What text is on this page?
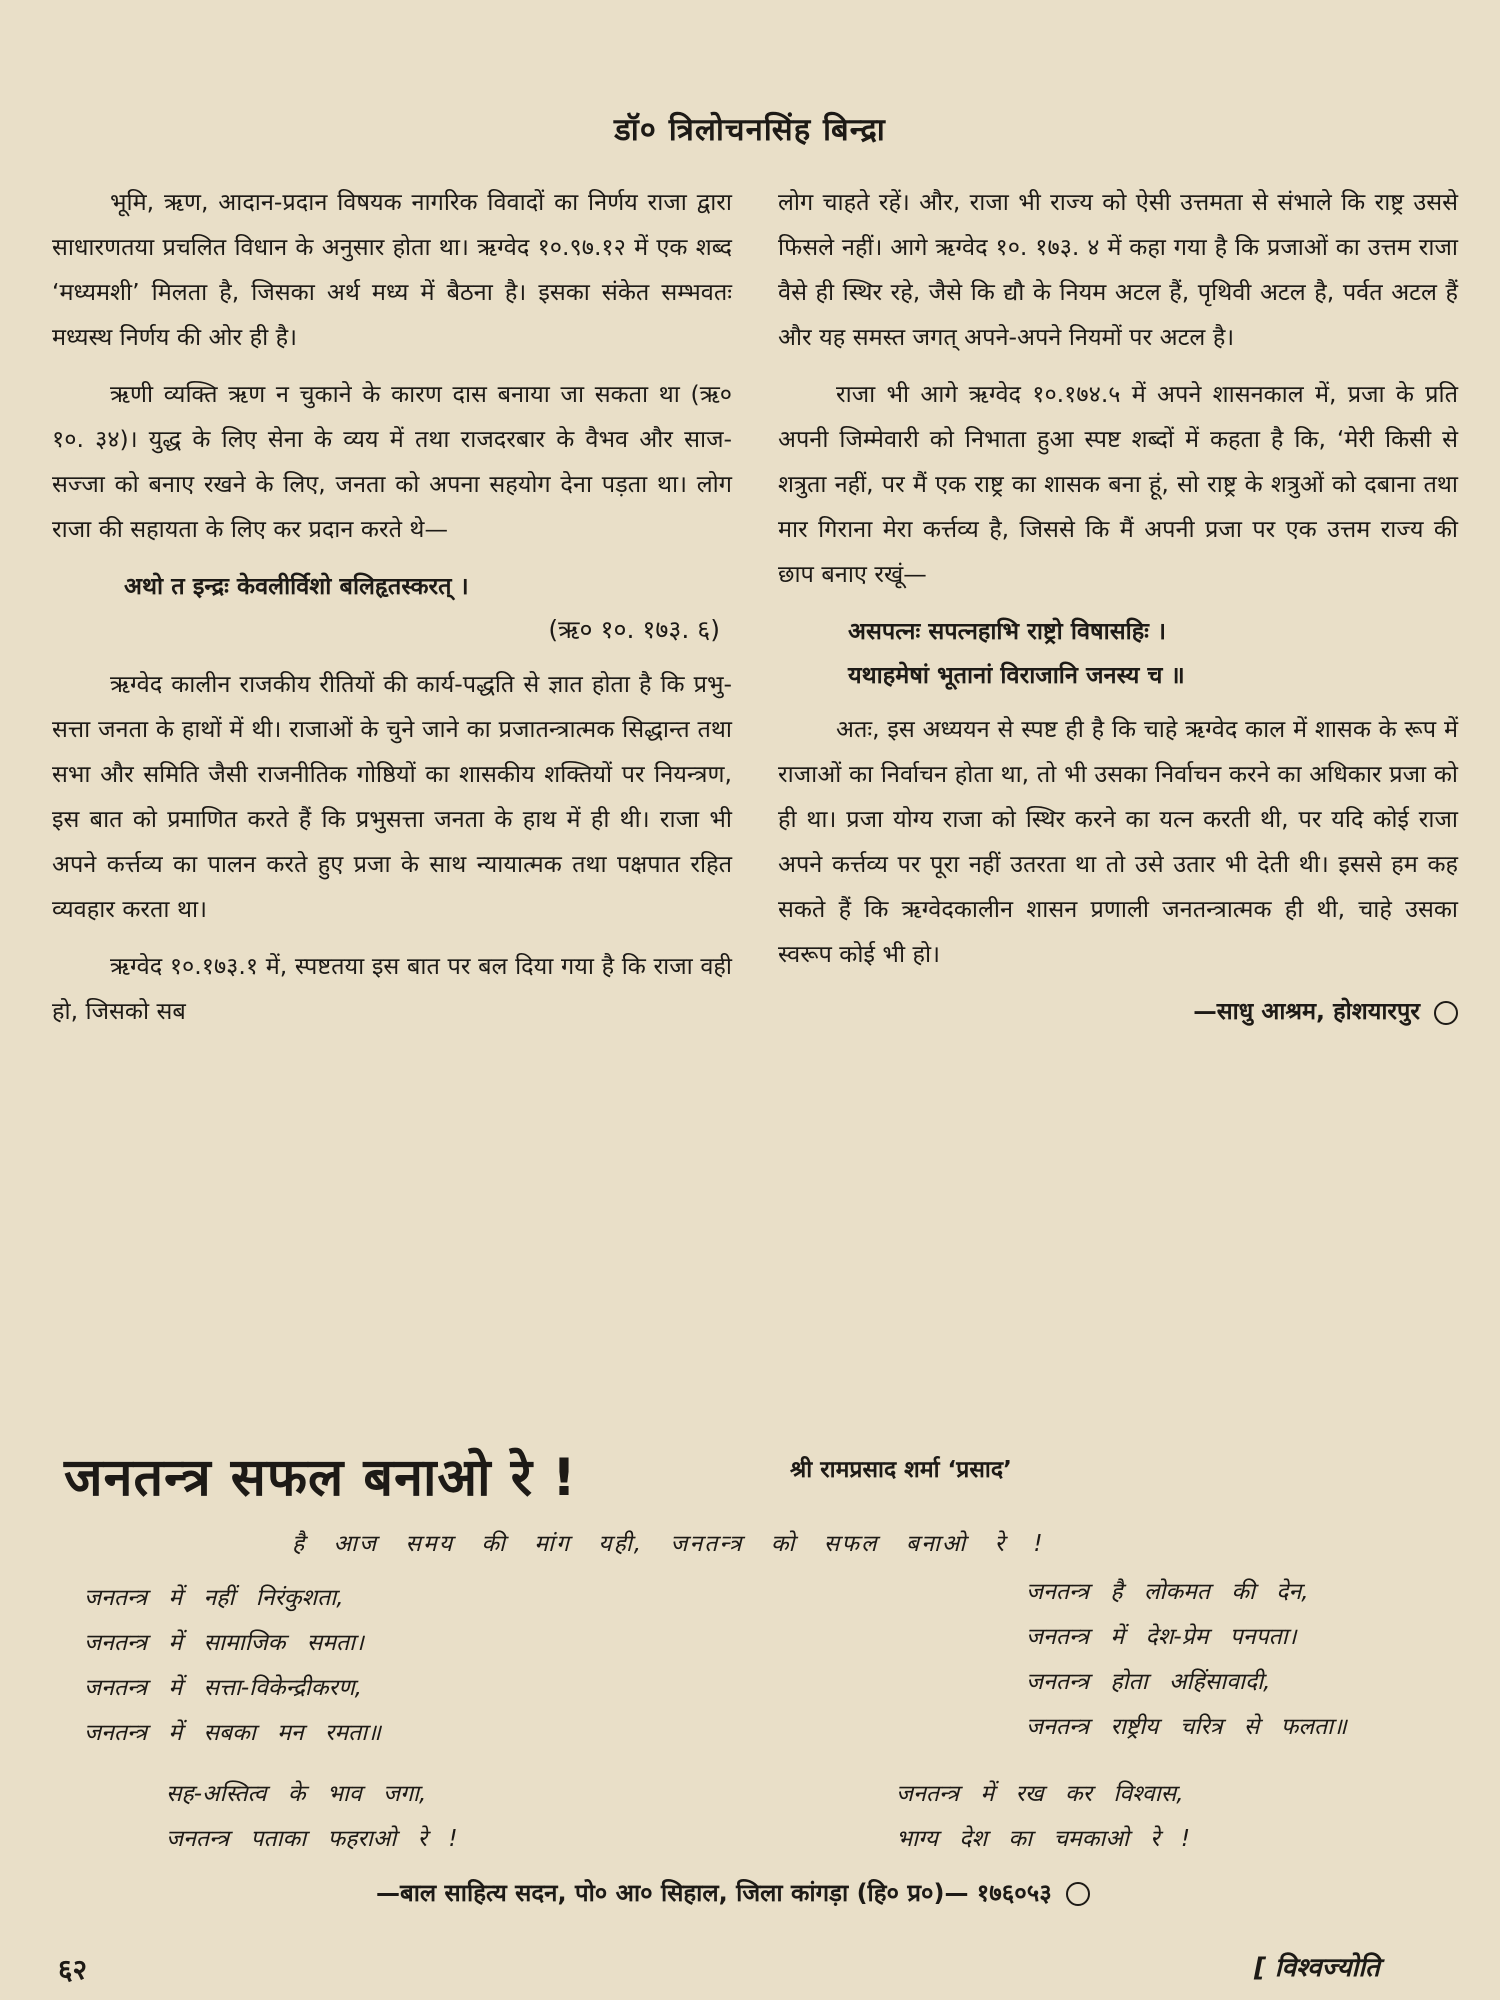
डॉ० त्रिलोचनसिंह बिन्द्रा

भूमि, ऋण, आदान-प्रदान विषयक नागरिक विवादों का निर्णय राजा द्वारा साधारणतया प्रचलित विधान के अनुसार होता था। ऋग्वेद १०.९७.१२ में एक शब्द ‘मध्यमशी’ मिलता है, जिसका अर्थ मध्य में बैठना है। इसका संकेत सम्भवतः मध्यस्थ निर्णय की ओर ही है।

ऋणी व्यक्ति ऋण न चुकाने के कारण दास बनाया जा सकता था (ऋ० १०. ३४)। युद्ध के लिए सेना के व्यय में तथा राजदरबार के वैभव और साज-सज्जा को बनाए रखने के लिए, जनता को अपना सहयोग देना पड़ता था। लोग राजा की सहायता के लिए कर प्रदान करते थे—

अथो त इन्द्रः केवलीर्विशो बलिहृतस्करत् ।
(ऋ० १०. १७३. ६)

ऋग्वेद कालीन राजकीय रीतियों की कार्य-पद्धति से ज्ञात होता है कि प्रभु-सत्ता जनता के हाथों में थी। राजाओं के चुने जाने का प्रजातन्त्रात्मक सिद्धान्त तथा सभा और समिति जैसी राजनीतिक गोष्ठियों का शासकीय शक्तियों पर नियन्त्रण, इस बात को प्रमाणित करते हैं कि प्रभुसत्ता जनता के हाथ में ही थी। राजा भी अपने कर्त्तव्य का पालन करते हुए प्रजा के साथ न्यायात्मक तथा पक्षपात रहित व्यवहार करता था।

ऋग्वेद १०.१७३.१ में, स्पष्टतया इस बात पर बल दिया गया है कि राजा वही हो, जिसको सब

लोग चाहते रहें। और, राजा भी राज्य को ऐसी उत्तमता से संभाले कि राष्ट्र उससे फिसले नहीं। आगे ऋग्वेद १०. १७३. ४ में कहा गया है कि प्रजाओं का उत्तम राजा वैसे ही स्थिर रहे, जैसे कि द्यौ के नियम अटल हैं, पृथिवी अटल है, पर्वत अटल हैं और यह समस्त जगत् अपने-अपने नियमों पर अटल है।

राजा भी आगे ऋग्वेद १०.१७४.५ में अपने शासनकाल में, प्रजा के प्रति अपनी जिम्मेवारी को निभाता हुआ स्पष्ट शब्दों में कहता है कि, ‘मेरी किसी से शत्रुता नहीं, पर मैं एक राष्ट्र का शासक बना हूं, सो राष्ट्र के शत्रुओं को दबाना तथा मार गिराना मेरा कर्त्तव्य है, जिससे कि मैं अपनी प्रजा पर एक उत्तम राज्य की छाप बनाए रखूं—

असपत्नः सपत्नहाभि राष्ट्रो विषासहिः ।
यथाहमेषां भूतानां विराजानि जनस्य च ॥

अतः, इस अध्ययन से स्पष्ट ही है कि चाहे ऋग्वेद काल में शासक के रूप में राजाओं का निर्वाचन होता था, तो भी उसका निर्वाचन करने का अधिकार प्रजा को ही था। प्रजा योग्य राजा को स्थिर करने का यत्न करती थी, पर यदि कोई राजा अपने कर्त्तव्य पर पूरा नहीं उतरता था तो उसे उतार भी देती थी। इससे हम कह सकते हैं कि ऋग्वेदकालीन शासन प्रणाली जनतन्त्रात्मक ही थी, चाहे उसका स्वरूप कोई भी हो।

—साधु आश्रम, होशयारपुर
जनतन्त्र सफल बनाओ रे !	श्री रामप्रसाद शर्मा ‘प्रसाद’
है आज समय की मांग यही, जनतन्त्र को सफल बनाओ रे !
जनतन्त्र में नहीं निरंकुशता,
जनतन्त्र में सामाजिक समता।
जनतन्त्र में सत्ता-विकेन्द्रीकरण,
जनतन्त्र में सबका मन रमता॥
जनतन्त्र है लोकमत की देन,
जनतन्त्र में देश-प्रेम पनपता।
जनतन्त्र होता अहिंसावादी,
जनतन्त्र राष्ट्रीय चरित्र से फलता॥
सह-अस्तित्व के भाव जगा,
जनतन्त्र पताका फहराओ रे !
जनतन्त्र में रख कर विश्वास,
भाग्य देश का चमकाओ रे !
—बाल साहित्य सदन, पो० आ० सिहाल, जिला कांगड़ा (हि० प्र०)— १७६०५३
६२	[ विश्वज्योति
